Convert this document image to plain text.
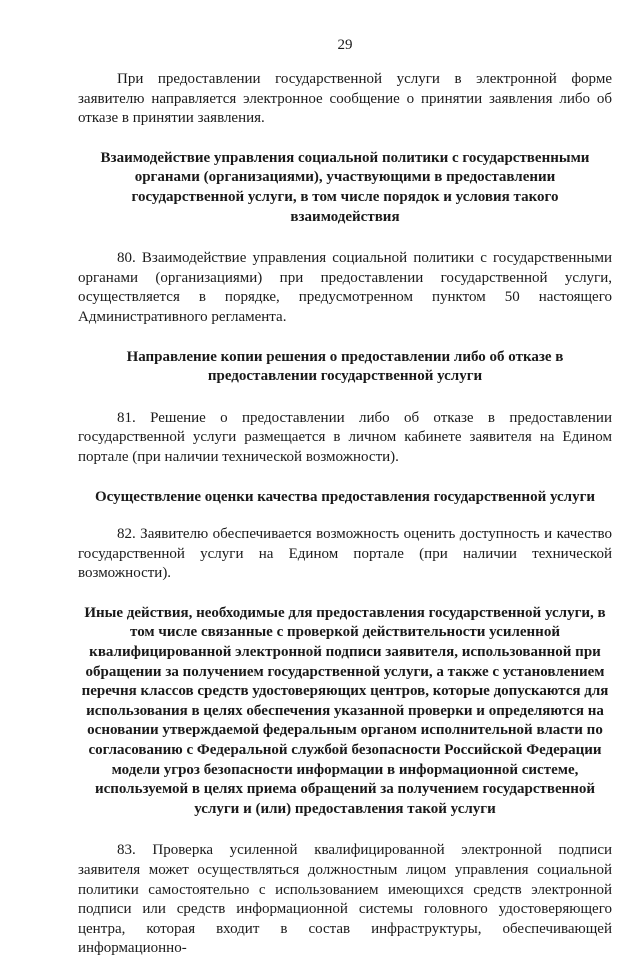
29

При предоставлении государственной услуги в электронной форме заявителю направляется электронное сообщение о принятии заявления либо об отказе в принятии заявления.

Взаимодействие управления социальной политики с государственными органами (организациями), участвующими в предоставлении государственной услуги, в том числе порядок и условия такого взаимодействия

80. Взаимодействие управления социальной политики с государственными органами (организациями) при предоставлении государственной услуги, осуществляется в порядке, предусмотренном пунктом 50 настоящего Административного регламента.

Направление копии решения о предоставлении либо об отказе в предоставлении государственной услуги

81. Решение о предоставлении либо об отказе в предоставлении государственной услуги размещается в личном кабинете заявителя на Едином портале (при наличии технической возможности).

Осуществление оценки качества предоставления государственной услуги

82. Заявителю обеспечивается возможность оценить доступность и качество государственной услуги на Едином портале (при наличии технической возможности).

Иные действия, необходимые для предоставления государственной услуги, в том числе связанные с проверкой действительности усиленной квалифицированной электронной подписи заявителя, использованной при обращении за получением государственной услуги, а также с установлением перечня классов средств удостоверяющих центров, которые допускаются для использования в целях обеспечения указанной проверки и определяются на основании утверждаемой федеральным органом исполнительной власти по согласованию с Федеральной службой безопасности Российской Федерации модели угроз безопасности информации в информационной системе, используемой в целях приема обращений за получением государственной услуги и (или) предоставления такой услуги

83. Проверка усиленной квалифицированной электронной подписи заявителя может осуществляться должностным лицом управления социальной политики самостоятельно с использованием имеющихся средств электронной подписи или средств информационной системы головного удостоверяющего центра, которая входит в состав инфраструктуры, обеспечивающей информационно-
